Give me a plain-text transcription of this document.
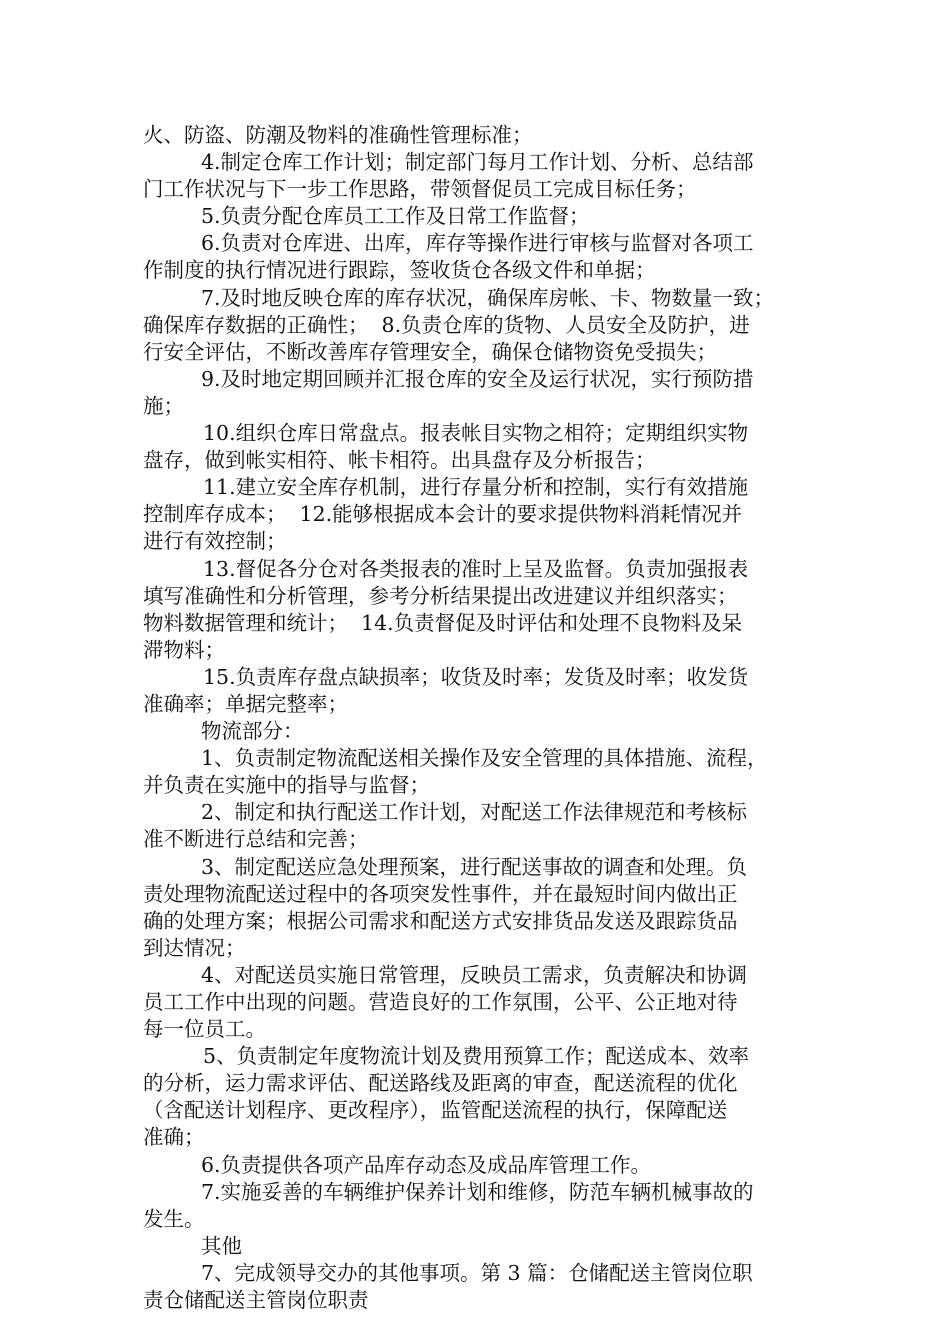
火、防盗、防潮及物料的准确性管理标准；
4.制定仓库工作计划；制定部门每月工作计划、分析、总结部
门工作状况与下一步工作思路，带领督促员工完成目标任务；
5.负责分配仓库员工工作及日常工作监督；
6.负责对仓库进、出库，库存等操作进行审核与监督对各项工
作制度的执行情况进行跟踪，签收货仓各级文件和单据；
7.及时地反映仓库的库存状况，确保库房帐、卡、物数量一致；
确保库存数据的正确性；  8.负责仓库的货物、人员安全及防护，进
行安全评估，不断改善库存管理安全，确保仓储物资免受损失；
9.及时地定期回顾并汇报仓库的安全及运行状况，实行预防措
施；
10.组织仓库日常盘点。报表帐目实物之相符；定期组织实物
盘存，做到帐实相符、帐卡相符。出具盘存及分析报告；
11.建立安全库存机制，进行存量分析和控制，实行有效措施
控制库存成本；  12.能够根据成本会计的要求提供物料消耗情况并
进行有效控制；
13.督促各分仓对各类报表的准时上呈及监督。负责加强报表
填写准确性和分析管理，参考分析结果提出改进建议并组织落实；
物料数据管理和统计；  14.负责督促及时评估和处理不良物料及呆
滞物料；
15.负责库存盘点缺损率；收货及时率；发货及时率；收发货
准确率；单据完整率；
物流部分：
1、负责制定物流配送相关操作及安全管理的具体措施、流程，
并负责在实施中的指导与监督；
2、制定和执行配送工作计划，对配送工作法律规范和考核标
准不断进行总结和完善；
3、制定配送应急处理预案，进行配送事故的调查和处理。负
责处理物流配送过程中的各项突发性事件，并在最短时间内做出正
确的处理方案；根据公司需求和配送方式安排货品发送及跟踪货品
到达情况；
4、对配送员实施日常管理，反映员工需求，负责解决和协调
员工工作中出现的问题。营造良好的工作氛围，公平、公正地对待
每一位员工。
5、负责制定年度物流计划及费用预算工作；配送成本、效率
的分析，运力需求评估、配送路线及距离的审查，配送流程的优化
（含配送计划程序、更改程序），监管配送流程的执行，保障配送
准确；
6.负责提供各项产品库存动态及成品库管理工作。
7.实施妥善的车辆维护保养计划和维修，防范车辆机械事故的
发生。
其他
7、完成领导交办的其他事项。第 3 篇：仓储配送主管岗位职
责仓储配送主管岗位职责
